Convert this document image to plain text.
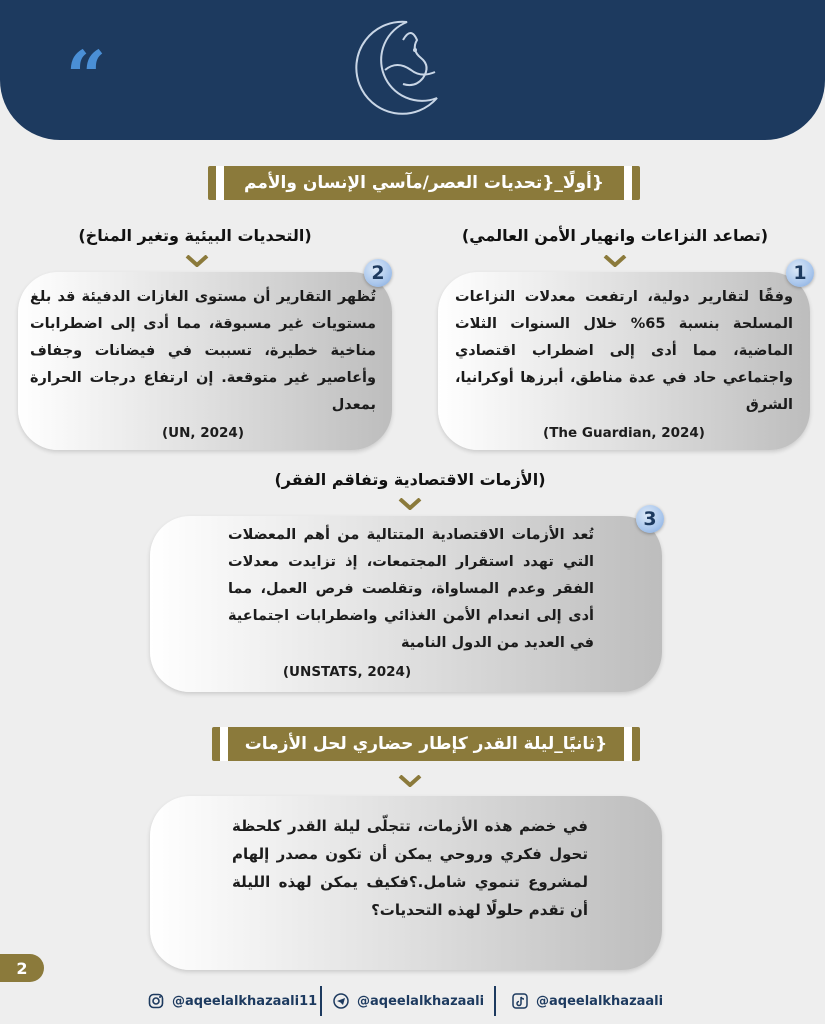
“
{أولًا_{تحديات العصر/مآسي الإنسان والأمم
(تصاعد النزاعات وانهيار الأمن العالمي)
1
وفقًا لتقارير دولية، ارتفعت معدلات النزاعات المسلحة بنسبة 65% خلال السنوات الثلاث الماضية، مما أدى إلى اضطراب اقتصادي واجتماعي حاد في عدة مناطق، أبرزها أوكرانيا، الشرق
(The Guardian, 2024)
(التحديات البيئية وتغير المناخ)
2
تُظهر التقارير أن مستوى الغازات الدفيئة قد بلغ مستويات غير مسبوقة، مما أدى إلى اضطرابات مناخية خطيرة، تسببت في فيضانات وجفاف وأعاصير غير متوقعة. إن ارتفاع درجات الحرارة بمعدل
(UN, 2024)
(الأزمات الاقتصادية وتفاقم الفقر)
3
تُعد الأزمات الاقتصادية المتتالية من أهم المعضلات التي تهدد استقرار المجتمعات، إذ تزايدت معدلات الفقر وعدم المساواة، وتقلصت فرص العمل، مما أدى إلى انعدام الأمن الغذائي واضطرابات اجتماعية في العديد من الدول النامية
(UNSTATS, 2024)
{ثانيًا_ليلة القدر كإطار حضاري لحل الأزمات
في خضم هذه الأزمات، تتجلّى ليلة القدر كلحظة تحول فكري وروحي يمكن أن تكون مصدر إلهام لمشروع تنموي شامل.؟فكيف يمكن لهذه الليلة أن تقدم حلولًا لهذه التحديات؟
2
@aqeelalkhazaali11	@aqeelalkhazaali	@aqeelalkhazaali
